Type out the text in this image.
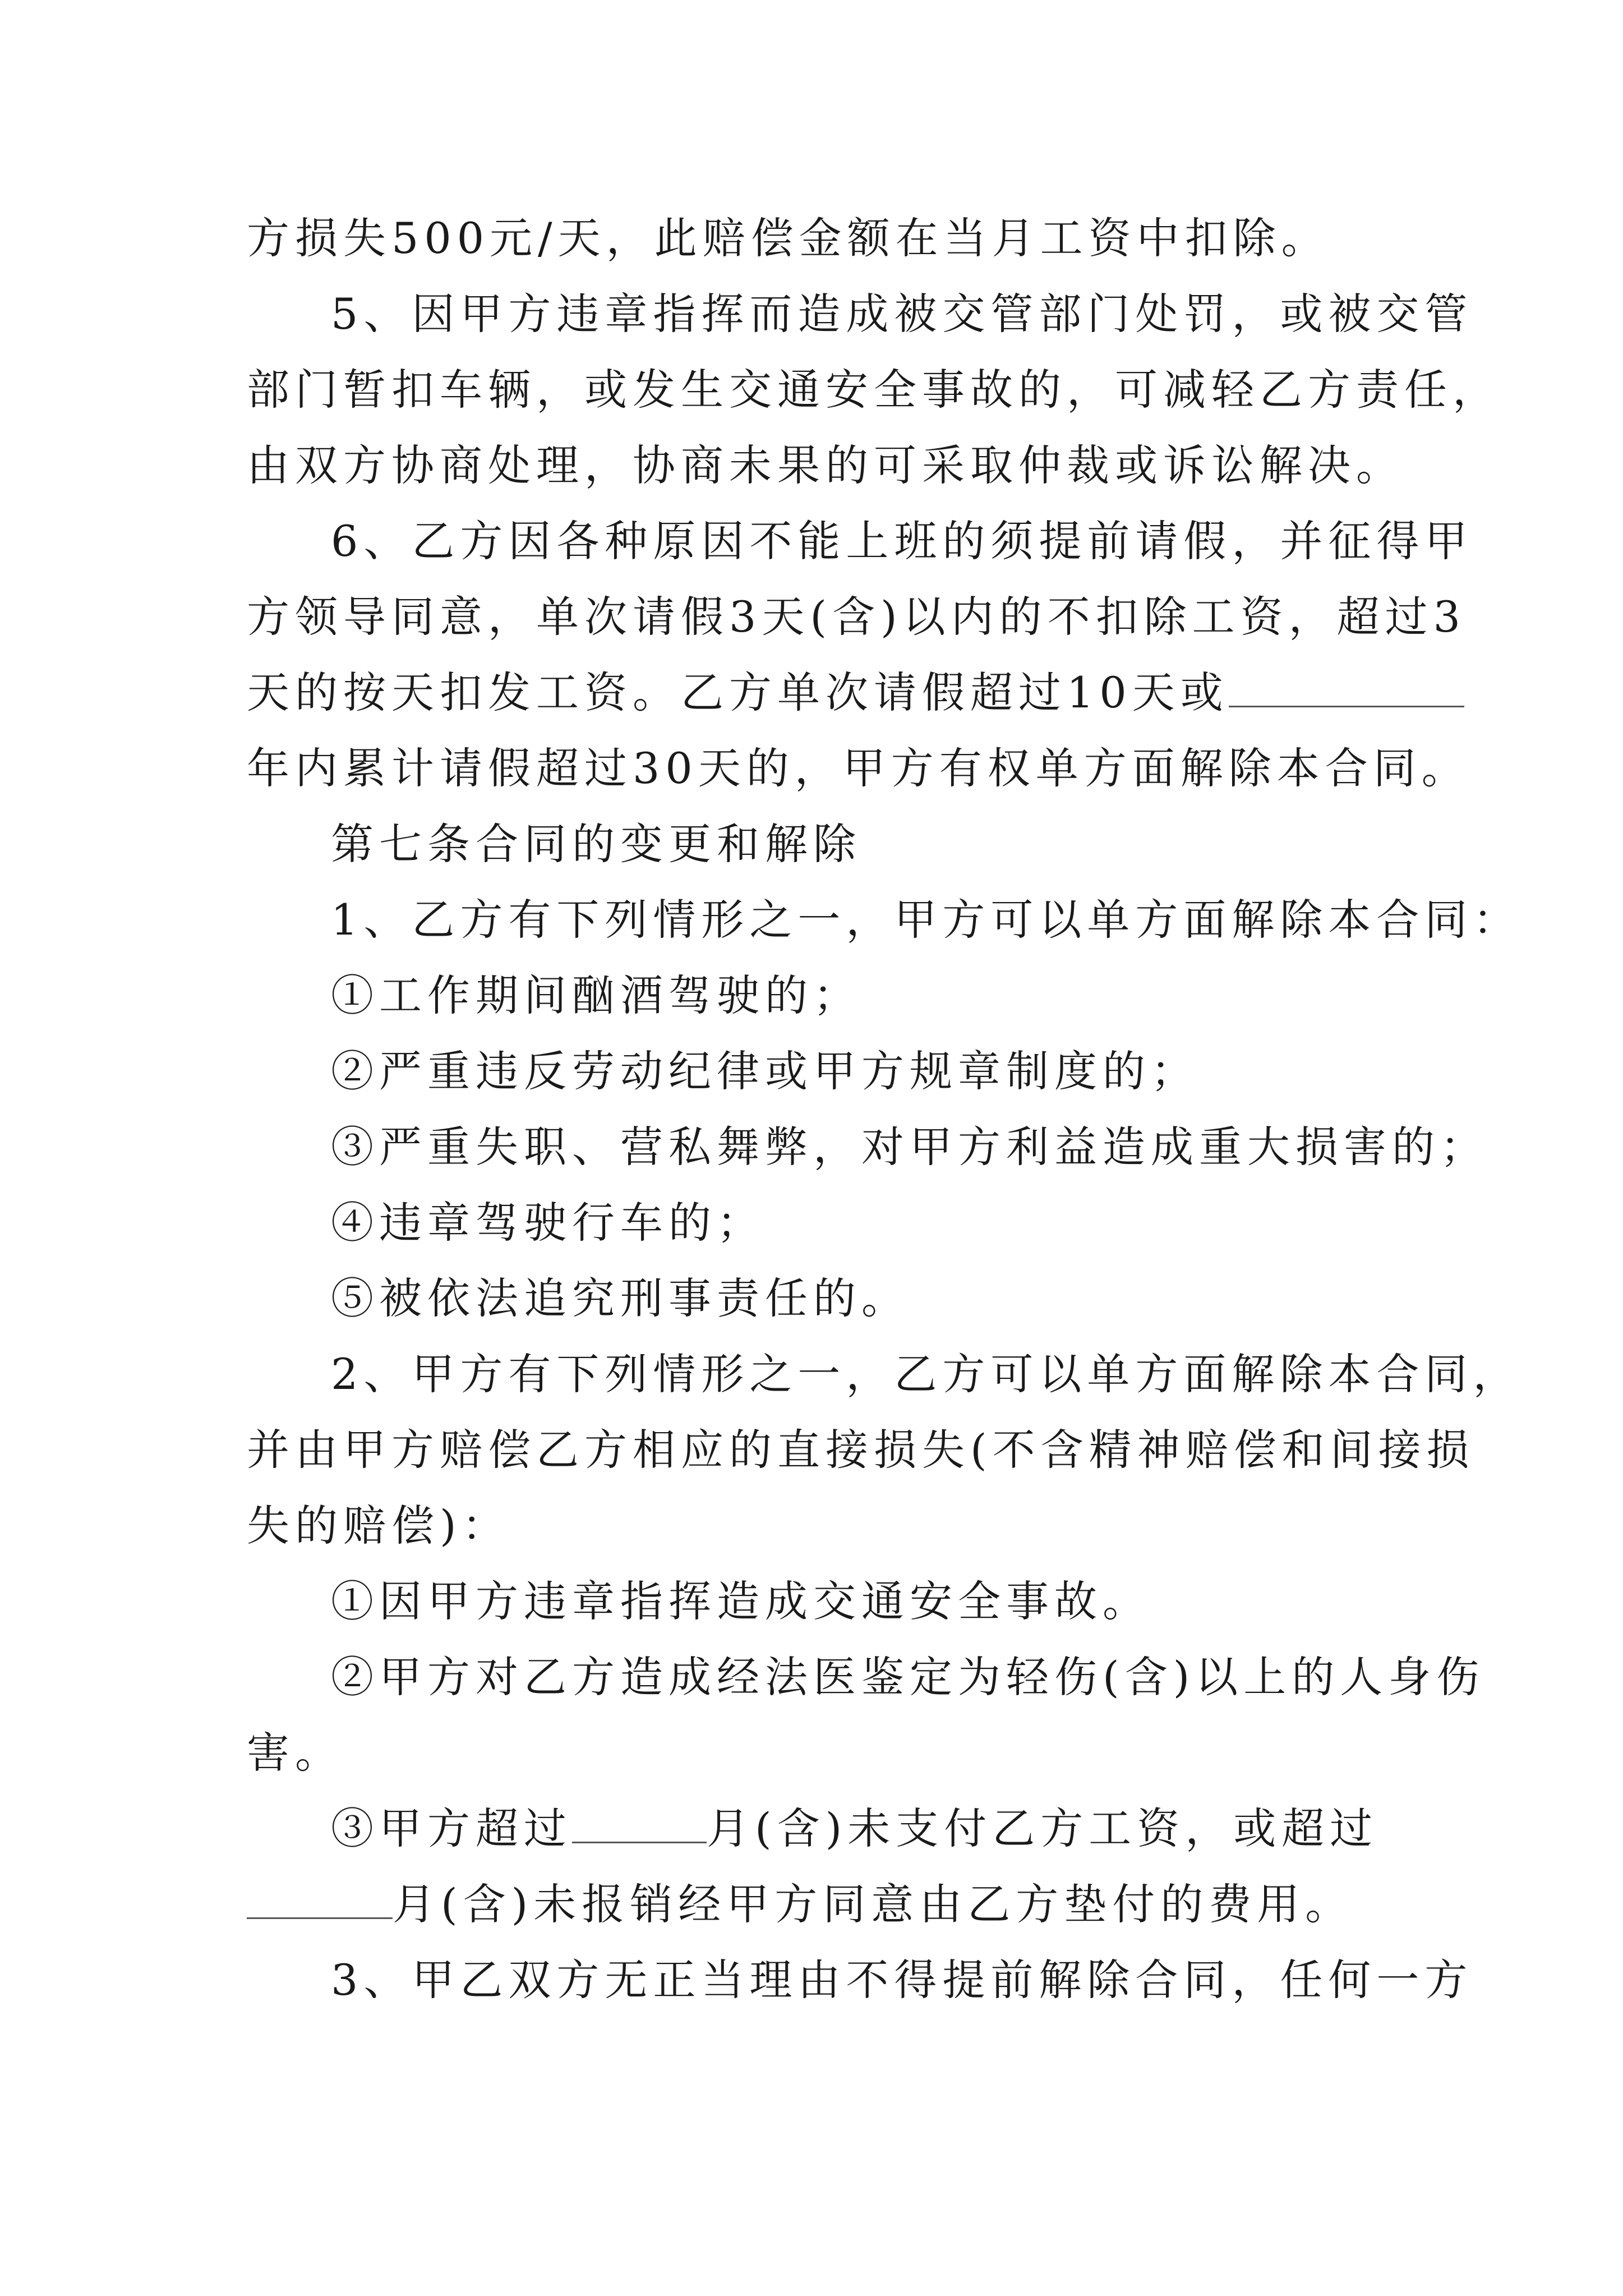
方损失500元/天，此赔偿金额在当月工资中扣除。
5、因甲方违章指挥而造成被交管部门处罚，或被交管
部门暂扣车辆，或发生交通安全事故的，可减轻乙方责任，
由双方协商处理，协商未果的可采取仲裁或诉讼解决。
6、乙方因各种原因不能上班的须提前请假，并征得甲
方领导同意，单次请假3天(含)以内的不扣除工资，超过3
天的按天扣发工资。乙方单次请假超过10天或
年内累计请假超过30天的，甲方有权单方面解除本合同。
第七条合同的变更和解除
1、乙方有下列情形之一，甲方可以单方面解除本合同：
①工作期间酗酒驾驶的；
②严重违反劳动纪律或甲方规章制度的；
③严重失职、营私舞弊，对甲方利益造成重大损害的；
④违章驾驶行车的；
⑤被依法追究刑事责任的。
2、甲方有下列情形之一，乙方可以单方面解除本合同，
并由甲方赔偿乙方相应的直接损失(不含精神赔偿和间接损
失的赔偿)：
①因甲方违章指挥造成交通安全事故。
②甲方对乙方造成经法医鉴定为轻伤(含)以上的人身伤
害。
③甲方超过	月(含)未支付乙方工资，或超过
月(含)未报销经甲方同意由乙方垫付的费用。
3、甲乙双方无正当理由不得提前解除合同，任何一方
